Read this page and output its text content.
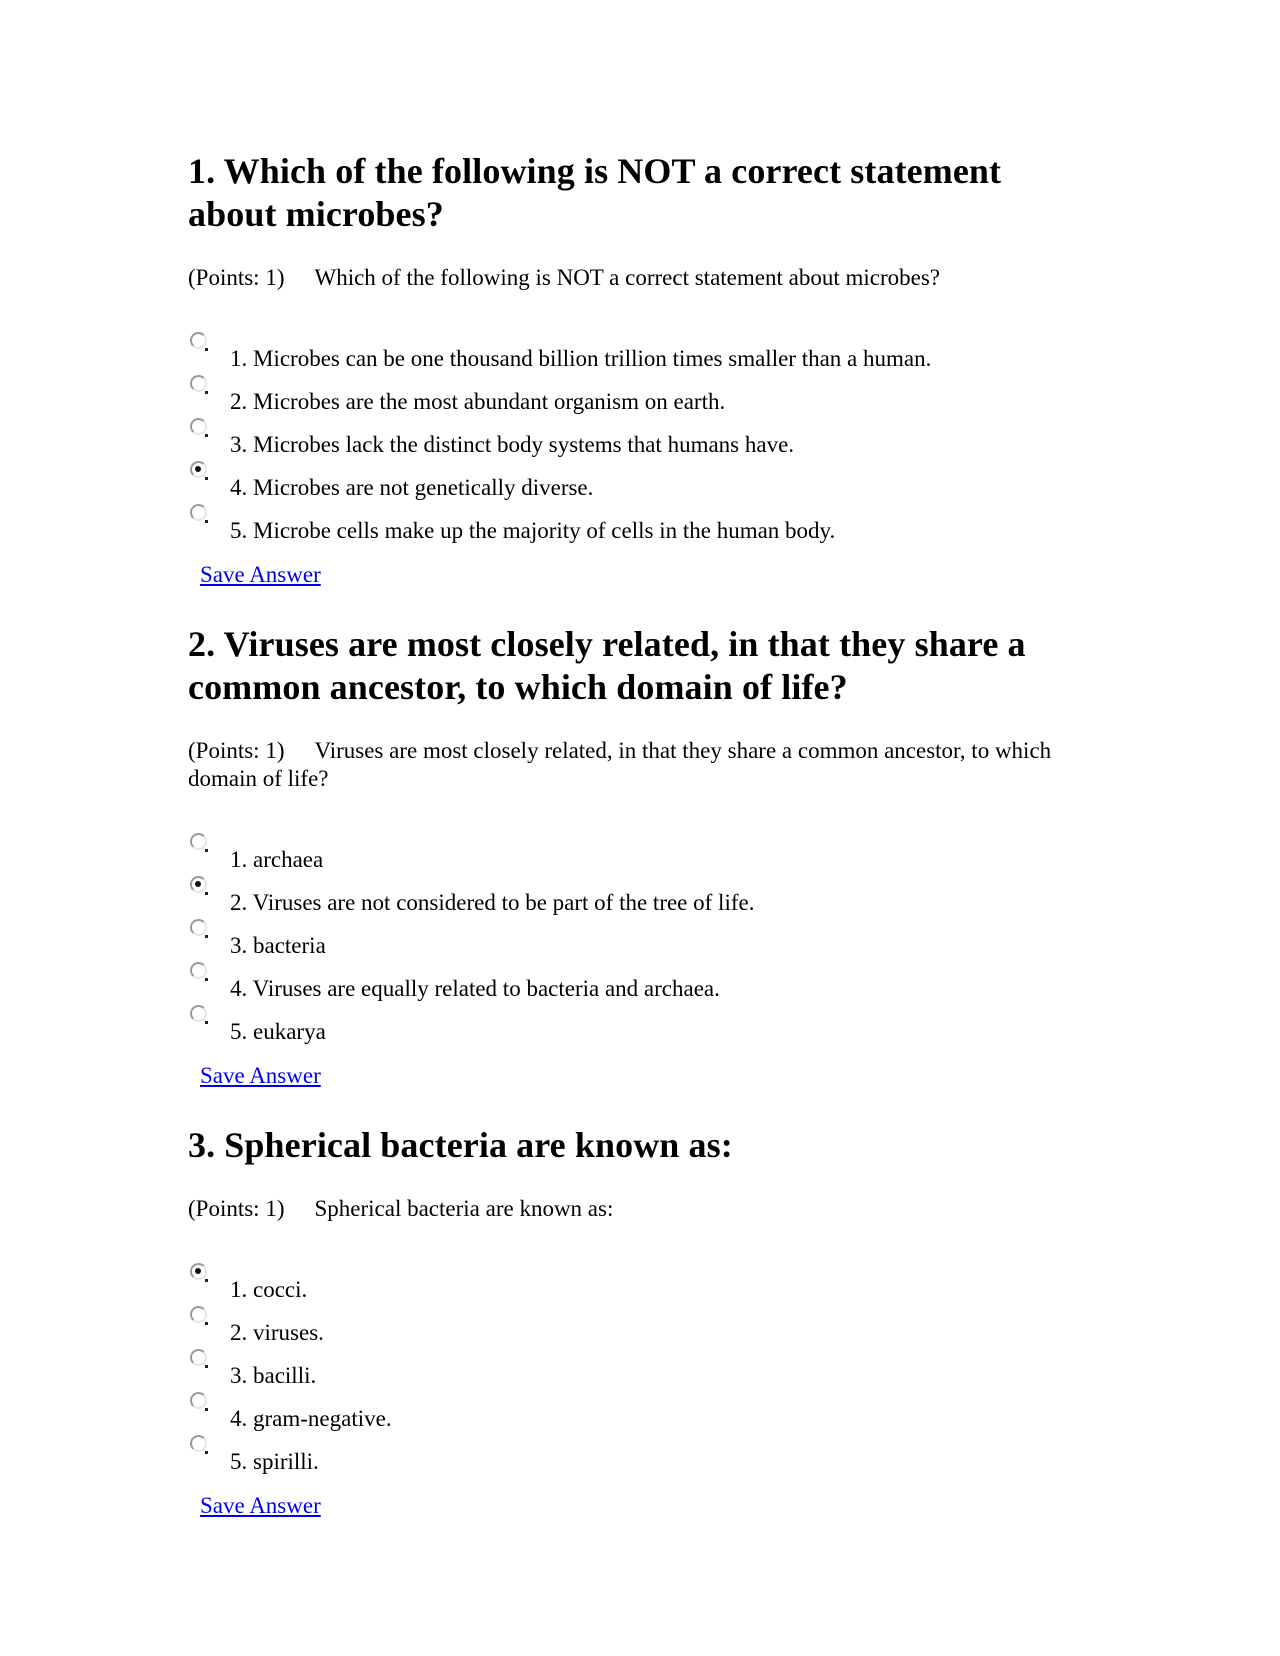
1. Which of the following is NOT a correct statement about microbes?
(Points: 1) Which of the following is NOT a correct statement about microbes?
1. Microbes can be one thousand billion trillion times smaller than a human.
2. Microbes are the most abundant organism on earth.
3. Microbes lack the distinct body systems that humans have.
4. Microbes are not genetically diverse.
5. Microbe cells make up the majority of cells in the human body.
Save Answer
2. Viruses are most closely related, in that they share a common ancestor, to which domain of life?
(Points: 1) Viruses are most closely related, in that they share a common ancestor, to which domain of life?
1. archaea
2. Viruses are not considered to be part of the tree of life.
3. bacteria
4. Viruses are equally related to bacteria and archaea.
5. eukarya
Save Answer
3. Spherical bacteria are known as:
(Points: 1) Spherical bacteria are known as:
1. cocci.
2. viruses.
3. bacilli.
4. gram-negative.
5. spirilli.
Save Answer
